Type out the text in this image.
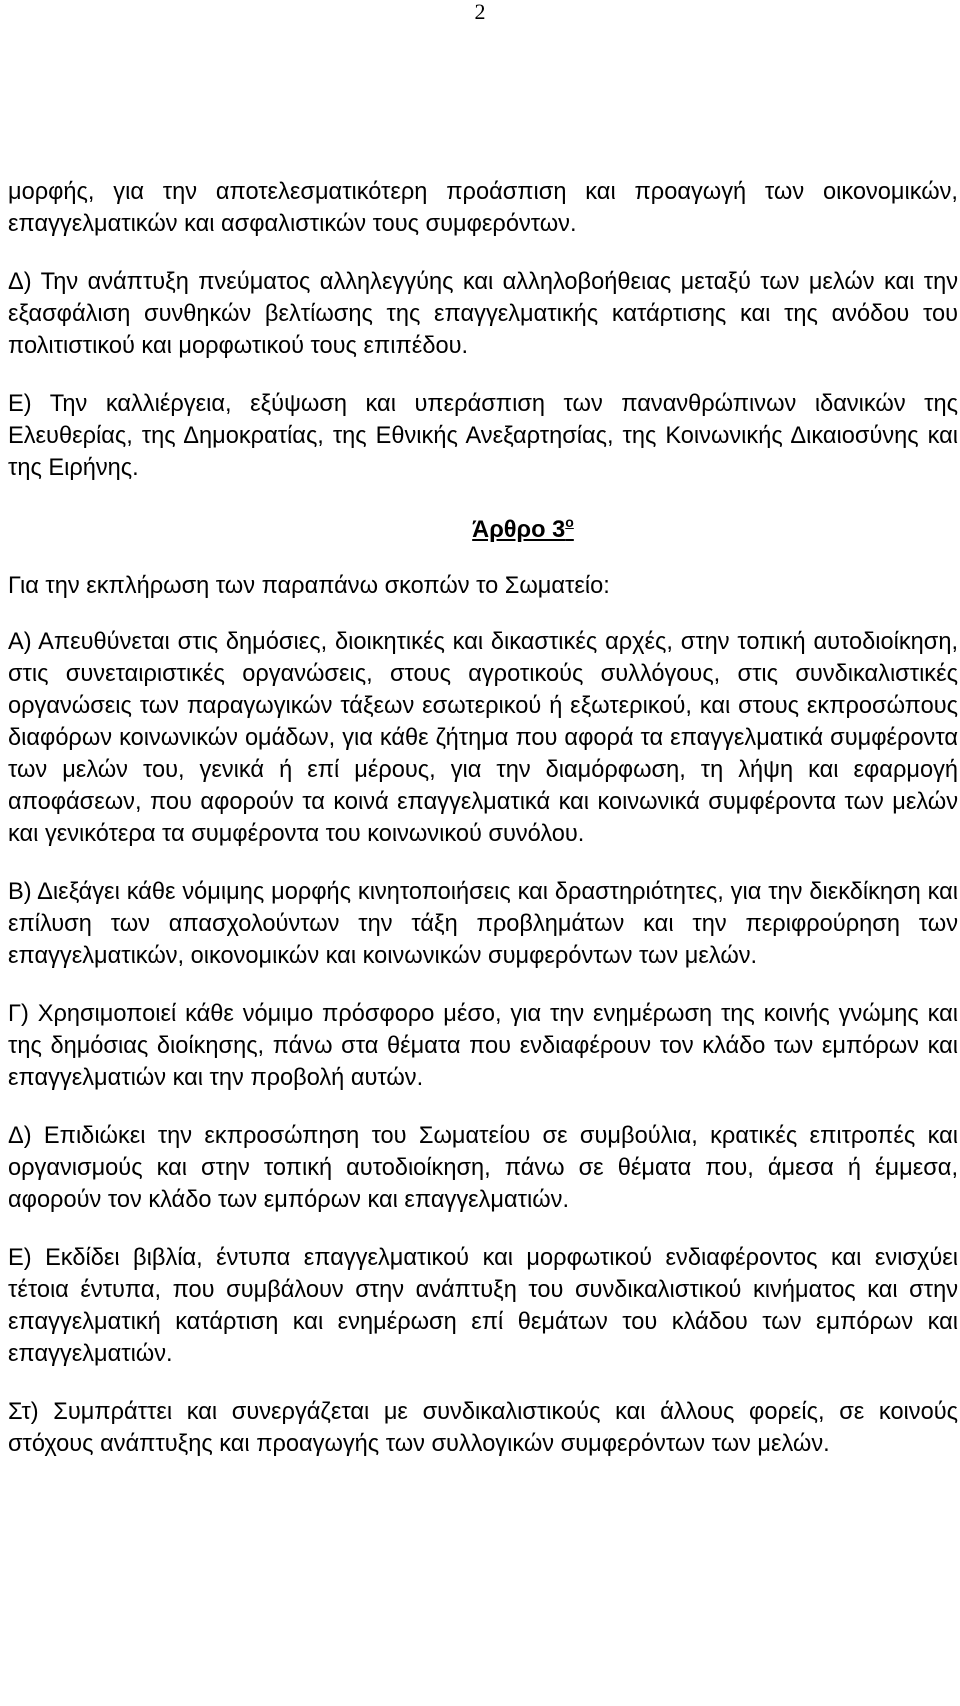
2

μορφής, για την αποτελεσματικότερη προάσπιση και προαγωγή των οικονομικών, επαγγελματικών και ασφαλιστικών τους συμφερόντων.

Δ) Την ανάπτυξη πνεύματος αλληλεγγύης και αλληλοβοήθειας μεταξύ των μελών και την εξασφάλιση συνθηκών βελτίωσης της επαγγελματικής κατάρτισης και της ανόδου του πολιτιστικού και μορφωτικού τους επιπέδου.

Ε) Την καλλιέργεια, εξύψωση και υπεράσπιση των πανανθρώπινων ιδανικών της Ελευθερίας, της Δημοκρατίας, της Εθνικής Ανεξαρτησίας, της Κοινωνικής Δικαιοσύνης και της Ειρήνης.

Άρθρο $3^o$

Για την εκπλήρωση των παραπάνω σκοπών το Σωματείο:

Α) Απευθύνεται στις δημόσιες, διοικητικές και δικαστικές αρχές, στην τοπική αυτοδιοίκηση, στις συνεταιριστικές οργανώσεις, στους αγροτικούς συλλόγους, στις συνδικαλιστικές οργανώσεις των παραγωγικών τάξεων εσωτερικού ή εξωτερικού, και στους εκπροσώπους διαφόρων κοινωνικών ομάδων, για κάθε ζήτημα που αφορά τα επαγγελματικά συμφέροντα των μελών του, γενικά ή επί μέρους, για την διαμόρφωση, τη λήψη και εφαρμογή αποφάσεων, που αφορούν τα κοινά επαγγελματικά και κοινωνικά συμφέροντα των μελών και γενικότερα τα συμφέροντα του κοινωνικού συνόλου.

Β) Διεξάγει κάθε νόμιμης μορφής κινητοποιήσεις και δραστηριότητες, για την διεκδίκηση και επίλυση των απασχολούντων την τάξη προβλημάτων και την περιφρούρηση των επαγγελματικών, οικονομικών και κοινωνικών συμφερόντων των μελών.

Γ) Χρησιμοποιεί κάθε νόμιμο πρόσφορο μέσο, για την ενημέρωση της κοινής γνώμης και της δημόσιας διοίκησης, πάνω στα θέματα που ενδιαφέρουν τον κλάδο των εμπόρων και επαγγελματιών και την προβολή αυτών.

Δ) Επιδιώκει την εκπροσώπηση του Σωματείου σε συμβούλια, κρατικές επιτροπές και οργανισμούς και στην τοπική αυτοδιοίκηση, πάνω σε θέματα που, άμεσα ή έμμεσα, αφορούν τον κλάδο των εμπόρων και επαγγελματιών.

Ε) Εκδίδει βιβλία, έντυπα επαγγελματικού και μορφωτικού ενδιαφέροντος και ενισχύει τέτοια έντυπα, που συμβάλουν στην ανάπτυξη του συνδικαλιστικού κινήματος και στην επαγγελματική κατάρτιση και ενημέρωση επί θεμάτων του κλάδου των εμπόρων και επαγγελματιών.

Στ) Συμπράττει και συνεργάζεται με συνδικαλιστικούς και άλλους φορείς, σε κοινούς στόχους ανάπτυξης και προαγωγής των συλλογικών συμφερόντων των μελών.
